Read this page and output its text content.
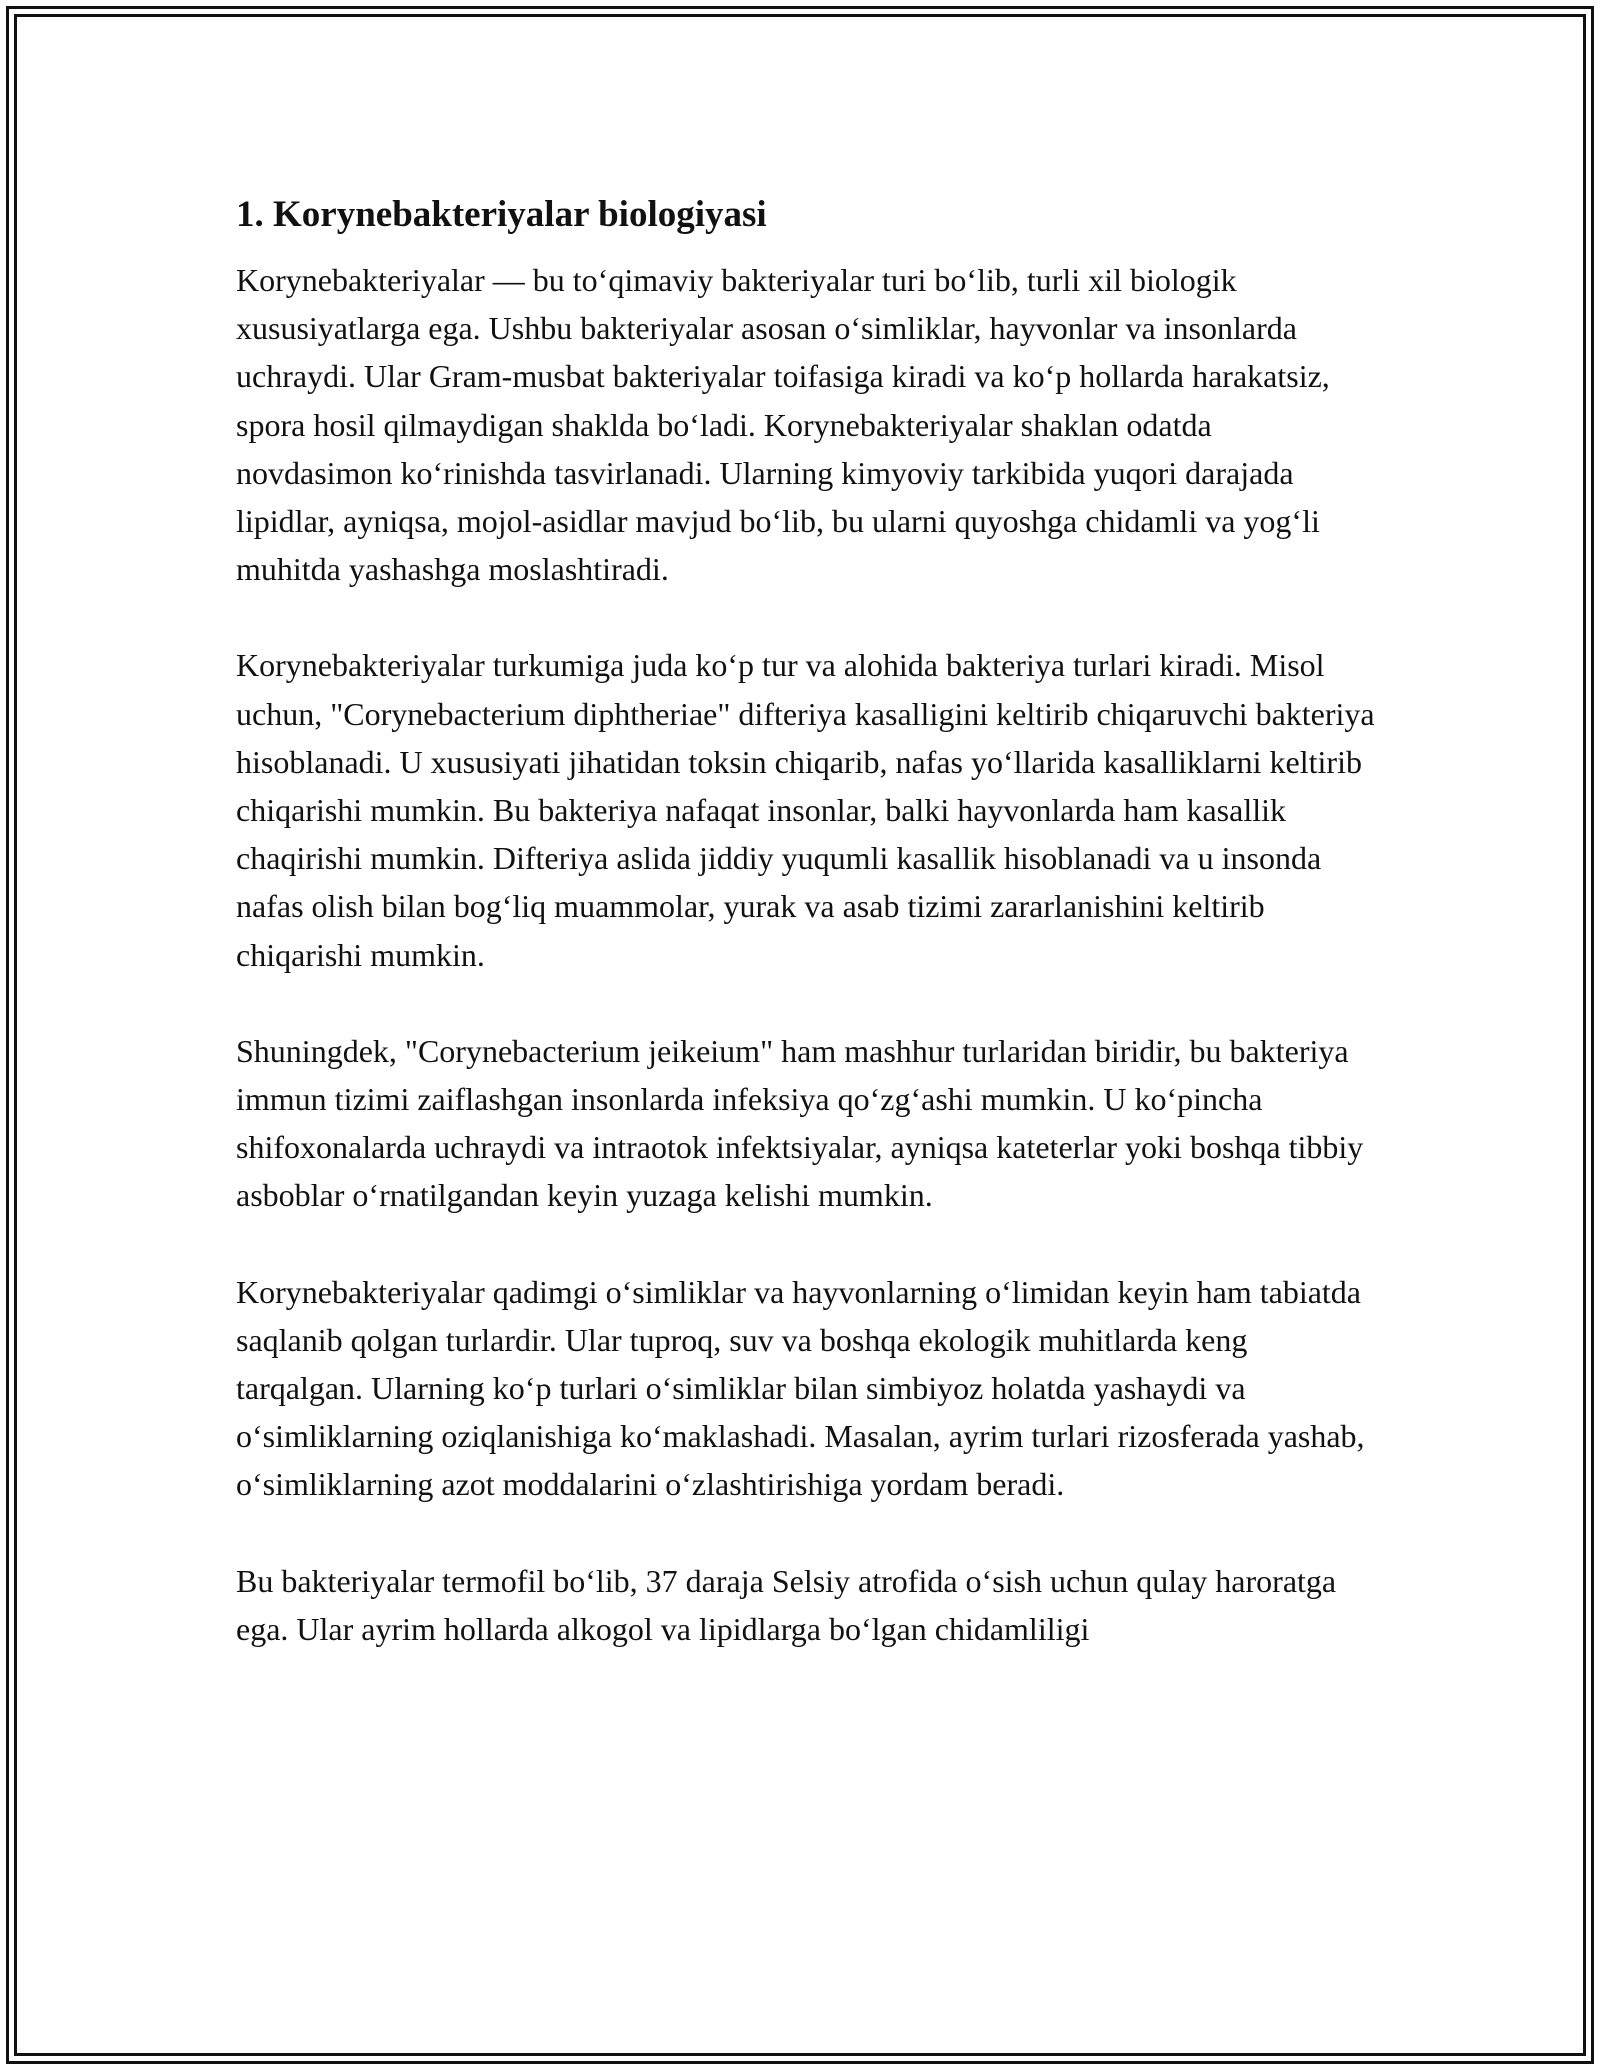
1. Korynebakteriyalar biologiyasi

Korynebakteriyalar — bu to‘qimaviy bakteriyalar turi bo‘lib, turli xil biologik xususiyatlarga ega. Ushbu bakteriyalar asosan o‘simliklar, hayvonlar va insonlarda uchraydi. Ular Gram-musbat bakteriyalar toifasiga kiradi va ko‘p hollarda harakatsiz, spora hosil qilmaydigan shaklda bo‘ladi. Korynebakteriyalar shaklan odatda novdasimon ko‘rinishda tasvirlanadi. Ularning kimyoviy tarkibida yuqori darajada lipidlar, ayniqsa, mojol-asidlar mavjud bo‘lib, bu ularni quyoshga chidamli va yog‘li muhitda yashashga moslashtiradi.

Korynebakteriyalar turkumiga juda ko‘p tur va alohida bakteriya turlari kiradi. Misol uchun, "Corynebacterium diphtheriae" difteriya kasalligini keltirib chiqaruvchi bakteriya hisoblanadi. U xususiyati jihatidan toksin chiqarib, nafas yo‘llarida kasalliklarni keltirib chiqarishi mumkin. Bu bakteriya nafaqat insonlar, balki hayvonlarda ham kasallik chaqirishi mumkin. Difteriya aslida jiddiy yuqumli kasallik hisoblanadi va u insonda nafas olish bilan bog‘liq muammolar, yurak va asab tizimi zararlanishini keltirib chiqarishi mumkin.

Shuningdek, "Corynebacterium jeikeium" ham mashhur turlaridan biridir, bu bakteriya immun tizimi zaiflashgan insonlarda infeksiya qo‘zg‘ashi mumkin. U ko‘pincha shifoxonalarda uchraydi va intraotok infektsiyalar, ayniqsa kateterlar yoki boshqa tibbiy asboblar o‘rnatilgandan keyin yuzaga kelishi mumkin.

Korynebakteriyalar qadimgi o‘simliklar va hayvonlarning o‘limidan keyin ham tabiatda saqlanib qolgan turlardir. Ular tuproq, suv va boshqa ekologik muhitlarda keng tarqalgan. Ularning ko‘p turlari o‘simliklar bilan simbiyoz holatda yashaydi va o‘simliklarning oziqlanishiga ko‘maklashadi. Masalan, ayrim turlari rizosferada yashab, o‘simliklarning azot moddalarini o‘zlashtirishiga yordam beradi.

Bu bakteriyalar termofil bo‘lib, 37 daraja Selsiy atrofida o‘sish uchun qulay haroratga ega. Ular ayrim hollarda alkogol va lipidlarga bo‘lgan chidamliligi
